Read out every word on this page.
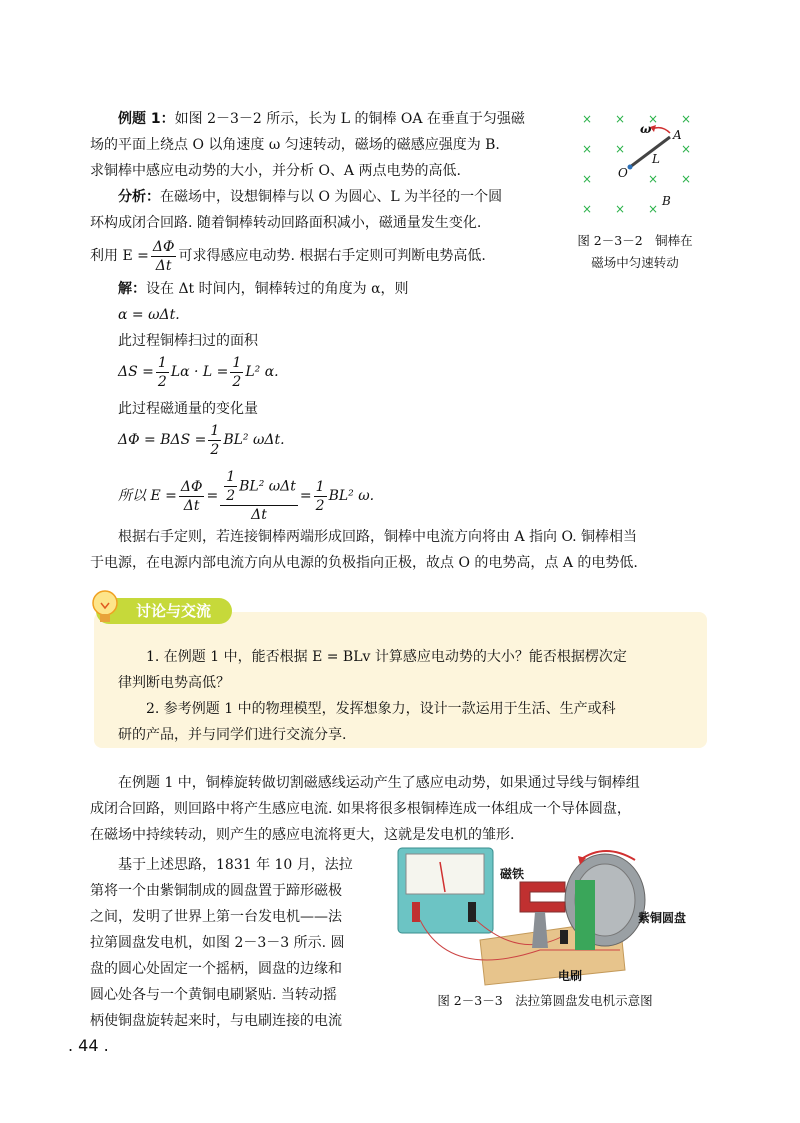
例题 1：如图 2－3－2 所示，长为 L 的铜棒 OA 在垂直于匀强磁
场的平面上绕点 O 以角速度 ω 匀速转动，磁场的磁感应强度为 B.
求铜棒中感应电动势的大小，并分析 O、A 两点电势的高低.
分析：在磁场中，设想铜棒与以 O 为圆心、L 为半径的一个圆
环构成闭合回路. 随着铜棒转动回路面积减小，磁通量发生变化.
利用 $E = \frac{\Delta\Phi}{\Delta t}$ 可求得感应电动势. 根据右手定则可判断电势高低.
解：设在 Δt 时间内，铜棒转过的角度为 α，则
α = ωΔt.
此过程铜棒扫过的面积
$\Delta S = \frac{1}{2}$ $L\alpha \cdot L = \frac{1}{2} L^2$ α.
此过程磁通量的变化量
$\Delta\Phi = B\Delta S = \frac{1}{2} BL^2$ ωΔt.
所以 $E = \frac{\Delta\Phi}{\Delta t} = \frac{\frac{1}{2} BL^2 \omega\Delta t}{\Delta t} = \frac{1}{2} BL^2$ ω.
根据右手定则，若连接铜棒两端形成回路，铜棒中电流方向将由 A 指向 O. 铜棒相当
于电源，在电源内部电流方向从电源的负极指向正极，故点 O 的电势高，点 A 的电势低.
× × × ×
× ×	×
×	× ×
× × ×
ω A
L
O
B
图 2－3－2　铜棒在
磁场中匀速转动
讨论与交流
1. 在例题 1 中，能否根据 E = BLv 计算感应电动势的大小？能否根据楞次定
律判断电势高低？
2. 参考例题 1 中的物理模型，发挥想象力，设计一款运用于生活、生产或科
研的产品，并与同学们进行交流分享.
在例题 1 中，铜棒旋转做切割磁感线运动产生了感应电动势，如果通过导线与铜棒组
成闭合回路，则回路中将产生感应电流. 如果将很多根铜棒连成一体组成一个导体圆盘，
在磁场中持续转动，则产生的感应电流将更大，这就是发电机的雏形.
基于上述思路，1831 年 10 月，法拉
第将一个由紫铜制成的圆盘置于蹄形磁极
之间，发明了世界上第一台发电机——法
拉第圆盘发电机，如图 2－3－3 所示. 圆
盘的圆心处固定一个摇柄，圆盘的边缘和
圆心处各与一个黄铜电刷紧贴. 当转动摇
柄使铜盘旋转起来时，与电刷连接的电流
磁铁
紫铜圆盘
电刷
图 2－3－3　法拉第圆盘发电机示意图
. 44 .
